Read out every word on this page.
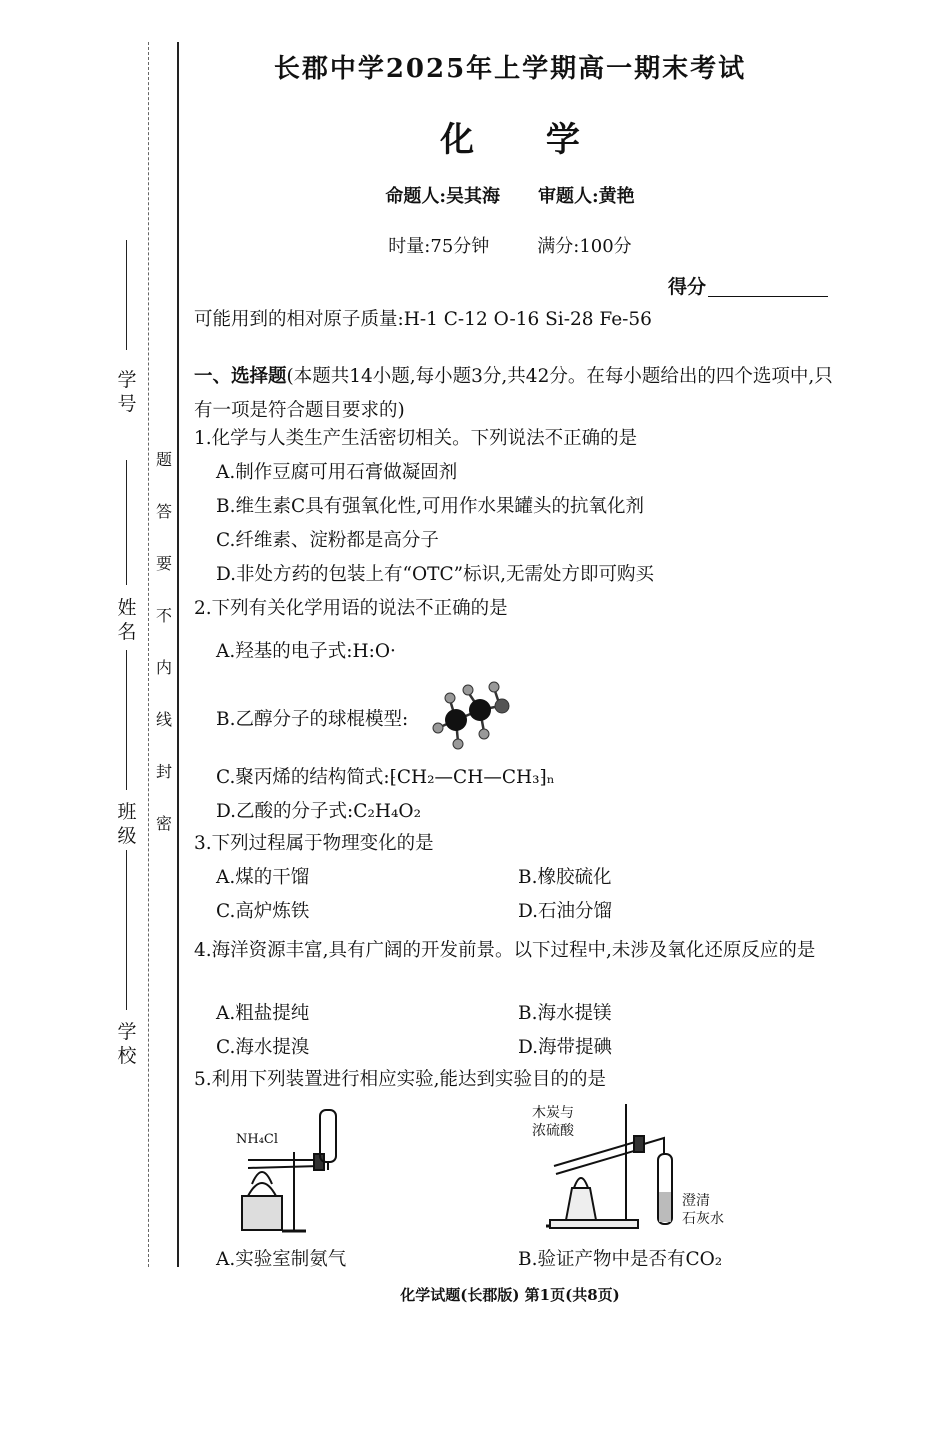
学号
姓名
班级
学校
题
答
要
不
内
线
封
密
长郡中学2025年上学期高一期末考试
化 学
命题人:吴其海 审题人:黄艳
时量:75分钟	满分:100分
得分
可能用到的相对原子质量:H-1 C-12 O-16 Si-28 Fe-56
一、选择题(本题共14小题,每小题3分,共42分。在每小题给出的四个选项中,只有一项是符合题目要求的)
1.化学与人类生产生活密切相关。下列说法不正确的是
A.制作豆腐可用石膏做凝固剂
B.维生素C具有强氧化性,可用作水果罐头的抗氧化剂
C.纤维素、淀粉都是高分子
D.非处方药的包装上有“OTC”标识,无需处方即可购买
2.下列有关化学用语的说法不正确的是
A.羟基的电子式:H:O·
B.乙醇分子的球棍模型:
C.聚丙烯的结构简式:⁅CH₂—CH—CH₃⁆ₙ
D.乙酸的分子式:C₂H₄O₂
3.下列过程属于物理变化的是
A.煤的干馏	B.橡胶硫化
C.高炉炼铁	D.石油分馏
4.海洋资源丰富,具有广阔的开发前景。以下过程中,未涉及氧化还原反应的是
A.粗盐提纯	B.海水提镁
C.海水提溴	D.海带提碘
5.利用下列装置进行相应实验,能达到实验目的的是
NH₄Cl
木炭与
浓硫酸
澄清
石灰水
A.实验室制氨气	B.验证产物中是否有CO₂
化学试题(长郡版) 第1页(共8页)
